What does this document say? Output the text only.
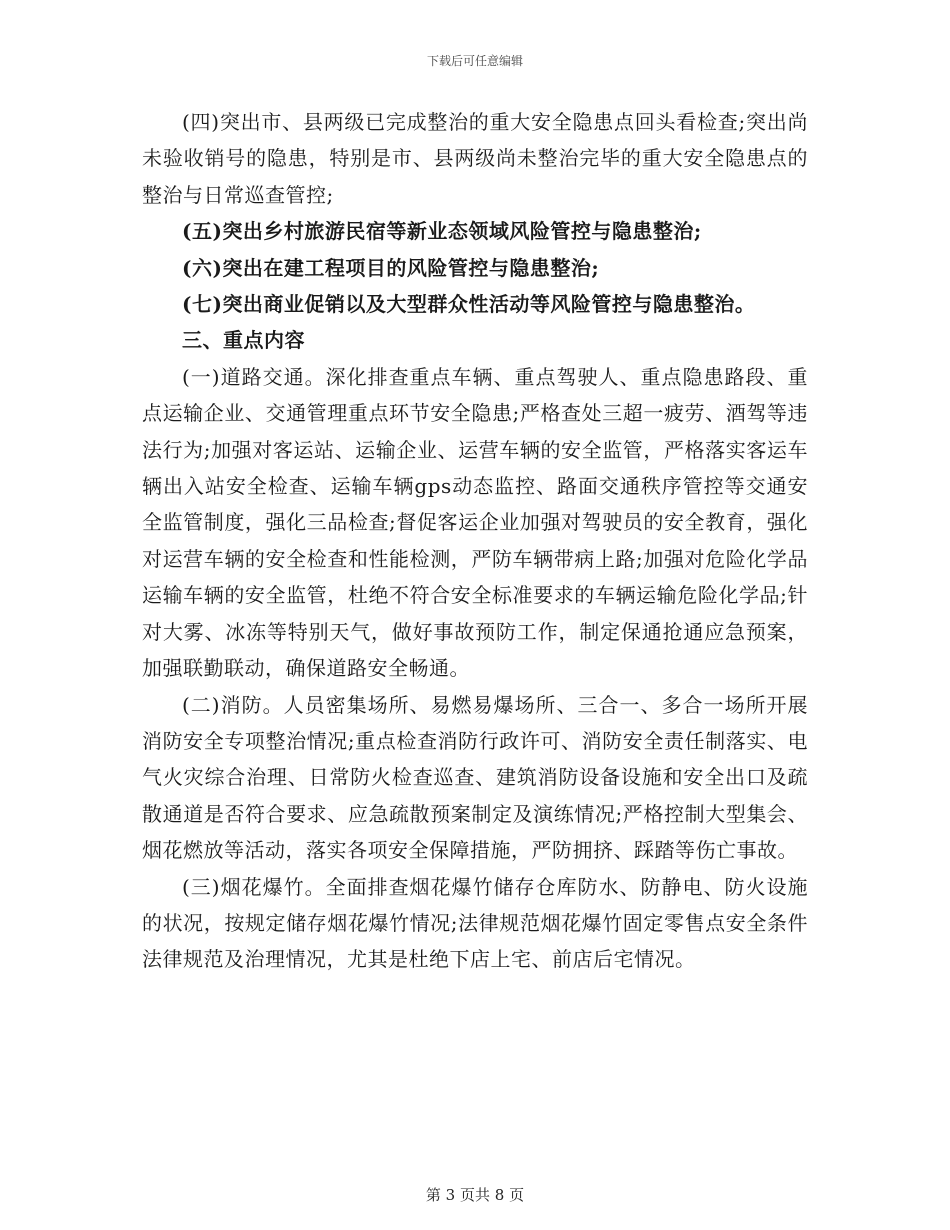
下载后可任意编辑

(四)突出市、县两级已完成整治的重大安全隐患点回头看检查;突出尚未验收销号的隐患，特别是市、县两级尚未整治完毕的重大安全隐患点的整治与日常巡查管控;

(五)突出乡村旅游民宿等新业态领域风险管控与隐患整治;

(六)突出在建工程项目的风险管控与隐患整治;

(七)突出商业促销以及大型群众性活动等风险管控与隐患整治。

三、重点内容

(一)道路交通。深化排查重点车辆、重点驾驶人、重点隐患路段、重点运输企业、交通管理重点环节安全隐患;严格查处三超一疲劳、酒驾等违法行为;加强对客运站、运输企业、运营车辆的安全监管，严格落实客运车辆出入站安全检查、运输车辆gps动态监控、路面交通秩序管控等交通安全监管制度，强化三品检查;督促客运企业加强对驾驶员的安全教育，强化对运营车辆的安全检查和性能检测，严防车辆带病上路;加强对危险化学品运输车辆的安全监管，杜绝不符合安全标准要求的车辆运输危险化学品;针对大雾、冰冻等特别天气，做好事故预防工作，制定保通抢通应急预案，加强联勤联动，确保道路安全畅通。

(二)消防。人员密集场所、易燃易爆场所、三合一、多合一场所开展消防安全专项整治情况;重点检查消防行政许可、消防安全责任制落实、电气火灾综合治理、日常防火检查巡查、建筑消防设备设施和安全出口及疏散通道是否符合要求、应急疏散预案制定及演练情况;严格控制大型集会、烟花燃放等活动，落实各项安全保障措施，严防拥挤、踩踏等伤亡事故。

(三)烟花爆竹。全面排查烟花爆竹储存仓库防水、防静电、防火设施的状况，按规定储存烟花爆竹情况;法律规范烟花爆竹固定零售点安全条件法律规范及治理情况，尤其是杜绝下店上宅、前店后宅情况。

第 3 页共 8 页
